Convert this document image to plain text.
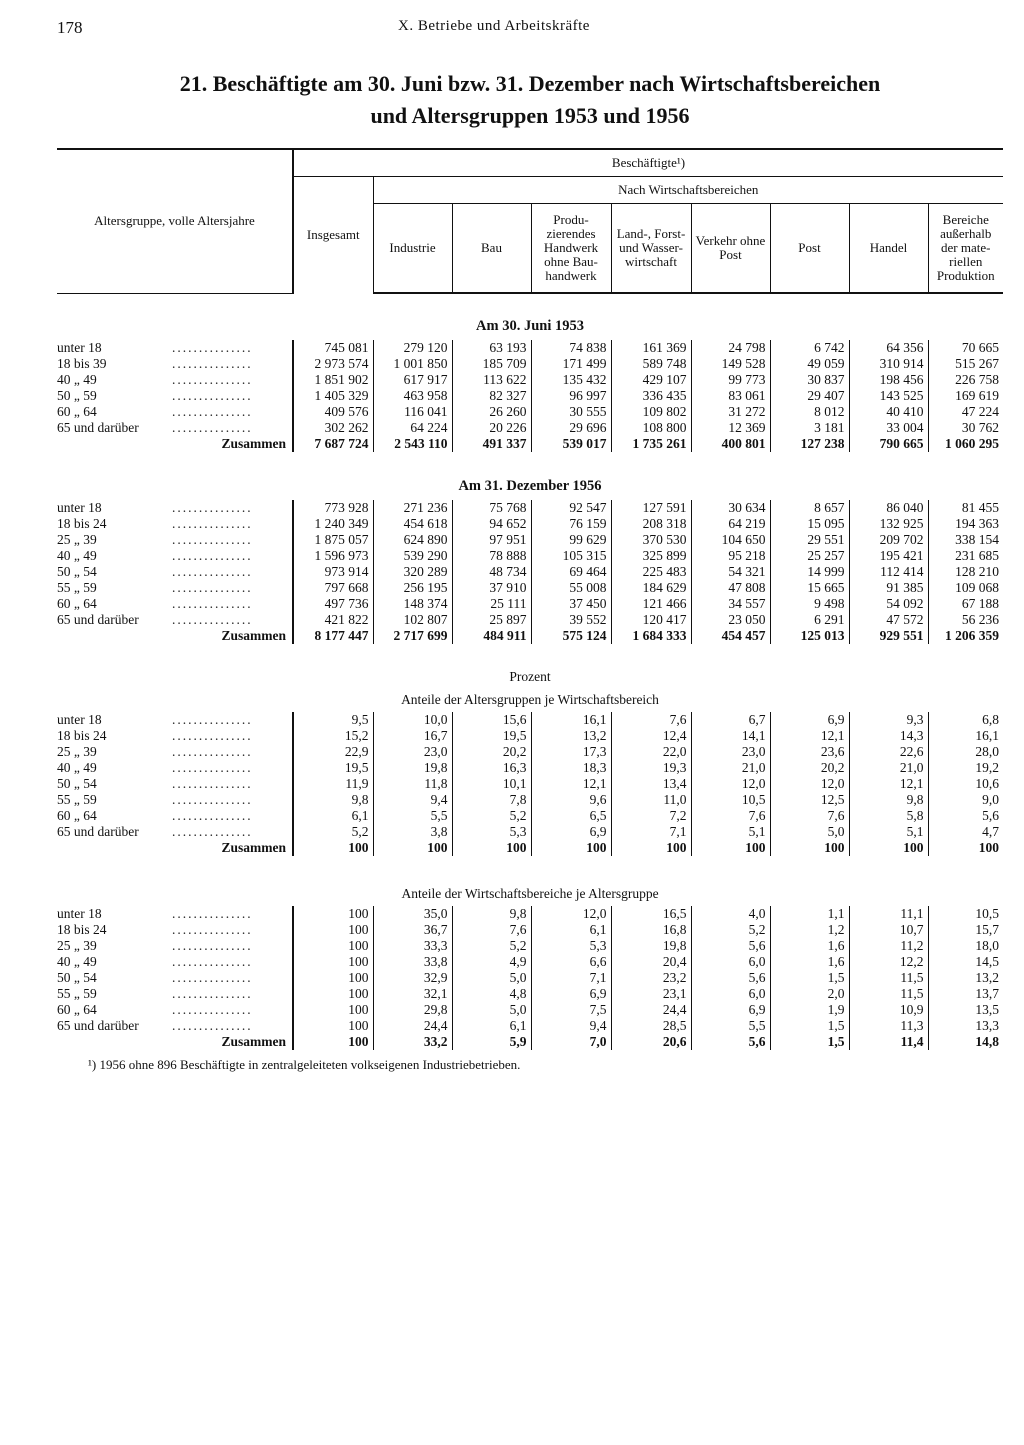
178	X. Betriebe und Arbeitskräfte
21. Beschäftigte am 30. Juni bzw. 31. Dezember nach Wirtschaftsbereichen
und Altersgruppen 1953 und 1956
Altersgruppe, volle Altersjahre	Beschäftigte¹)								
	Insgesamt	Nach Wirtschaftsbereichen							
		Industrie	Bau	Produ-zierendes Handwerk ohne Bau-handwerk	Land-, Forst- und Wasser-wirtschaft	Verkehr ohne Post	Post	Handel	Bereiche außerhalb der mate-riellen Produktion

Am 30. Juni 1953									
unter 18 ...............	745 081	279 120	63 193	74 838	161 369	24 798	6 742	64 356	70 665
18 bis 39 ...............	2 973 574	1 001 850	185 709	171 499	589 748	149 528	49 059	310 914	515 267
40 „ 49 ...............	1 851 902	617 917	113 622	135 432	429 107	99 773	30 837	198 456	226 758
50 „ 59 ...............	1 405 329	463 958	82 327	96 997	336 435	83 061	29 407	143 525	169 619
60 „ 64 ...............	409 576	116 041	26 260	30 555	109 802	31 272	8 012	40 410	47 224
65 und darüber ...............	302 262	64 224	20 226	29 696	108 800	12 369	3 181	33 004	30 762
Zusammen	7 687 724	2 543 110	491 337	539 017	1 735 261	400 801	127 238	790 665	1 060 295

Am 31. Dezember 1956									
unter 18 ...............	773 928	271 236	75 768	92 547	127 591	30 634	8 657	86 040	81 455
18 bis 24 ...............	1 240 349	454 618	94 652	76 159	208 318	64 219	15 095	132 925	194 363
25 „ 39 ...............	1 875 057	624 890	97 951	99 629	370 530	104 650	29 551	209 702	338 154
40 „ 49 ...............	1 596 973	539 290	78 888	105 315	325 899	95 218	25 257	195 421	231 685
50 „ 54 ...............	973 914	320 289	48 734	69 464	225 483	54 321	14 999	112 414	128 210
55 „ 59 ...............	797 668	256 195	37 910	55 008	184 629	47 808	15 665	91 385	109 068
60 „ 64 ...............	497 736	148 374	25 111	37 450	121 466	34 557	9 498	54 092	67 188
65 und darüber ...............	421 822	102 807	25 897	39 552	120 417	23 050	6 291	47 572	56 236
Zusammen	8 177 447	2 717 699	484 911	575 124	1 684 333	454 457	125 013	929 551	1 206 359

Prozent									
Anteile der Altersgruppen je Wirtschaftsbereich									
unter 18 ...............	9,5	10,0	15,6	16,1	7,6	6,7	6,9	9,3	6,8
18 bis 24 ...............	15,2	16,7	19,5	13,2	12,4	14,1	12,1	14,3	16,1
25 „ 39 ...............	22,9	23,0	20,2	17,3	22,0	23,0	23,6	22,6	28,0
40 „ 49 ...............	19,5	19,8	16,3	18,3	19,3	21,0	20,2	21,0	19,2
50 „ 54 ...............	11,9	11,8	10,1	12,1	13,4	12,0	12,0	12,1	10,6
55 „ 59 ...............	9,8	9,4	7,8	9,6	11,0	10,5	12,5	9,8	9,0
60 „ 64 ...............	6,1	5,5	5,2	6,5	7,2	7,6	7,6	5,8	5,6
65 und darüber ...............	5,2	3,8	5,3	6,9	7,1	5,1	5,0	5,1	4,7
Zusammen	100	100	100	100	100	100	100	100	100

Anteile der Wirtschaftsbereiche je Altersgruppe									
unter 18 ...............	100	35,0	9,8	12,0	16,5	4,0	1,1	11,1	10,5
18 bis 24 ...............	100	36,7	7,6	6,1	16,8	5,2	1,2	10,7	15,7
25 „ 39 ...............	100	33,3	5,2	5,3	19,8	5,6	1,6	11,2	18,0
40 „ 49 ...............	100	33,8	4,9	6,6	20,4	6,0	1,6	12,2	14,5
50 „ 54 ...............	100	32,9	5,0	7,1	23,2	5,6	1,5	11,5	13,2
55 „ 59 ...............	100	32,1	4,8	6,9	23,1	6,0	2,0	11,5	13,7
60 „ 64 ...............	100	29,8	5,0	7,5	24,4	6,9	1,9	10,9	13,5
65 und darüber ...............	100	24,4	6,1	9,4	28,5	5,5	1,5	11,3	13,3
Zusammen	100	33,2	5,9	7,0	20,6	5,6	1,5	11,4	14,8
¹) 1956 ohne 896 Beschäftigte in zentralgeleiteten volkseigenen Industriebetrieben.
